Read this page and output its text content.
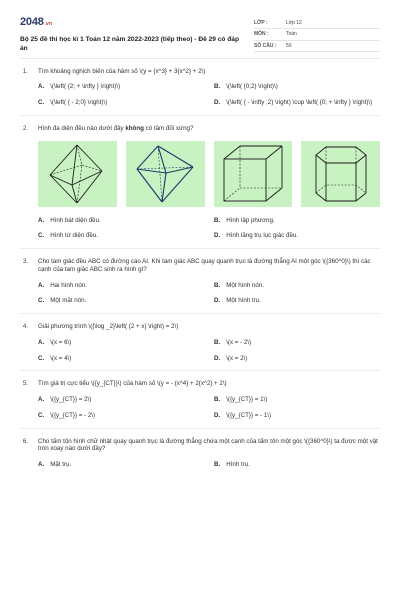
2048 .vn
Bộ 25 đề thi học kì 1 Toán 12 năm 2022-2023 (tiếp theo) - Đề 29 có đáp án
LỚP :	Lớp 12
MÔN :	Toán
SỐ CÂU :	50
1. Tìm khoảng nghịch biến của hàm số \(y = {x^3} + 3{x^2} + 2\)
A. \(\left( {2; + \infty } \right)\)	B. \(\left( {0;2} \right)\)
C. \(\left( { - 2;0} \right)\)	D. \(\left( { - \infty ;2} \right) \cup \left( {0; + \infty } \right)\)
2. Hình đa diện đều nào dưới đây không có tâm đối xứng?
A. Hình bát diện đều.	B. Hình lập phương.
C. Hình tứ diện đều.	D. Hình lăng trụ lục giác đều.
3. Cho tam giác đều ABC có đường cao AI. Khi tam giác ABC quay quanh trục là đường thẳng AI một góc \({360^0}\) thì các cạnh của tam giác ABC sinh ra hình gì?
A. Hai hình nón.	B. Một hình nón.
C. Một mặt nón.	D. Một hình trụ.
4. Giải phương trình \({\log _2}\left( {2 + x} \right) = 2\)
A. \(x = 6\)	B. \(x = - 2\)
C. \(x = 4\)	D. \(x = 2\)
5. Tìm giá trị cực tiểu \({y_{CT}}\) của hàm số \(y = - {x^4} + 2{x^2} + 2\)
A. \({y_{CT}} = 2\)	B. \({y_{CT}} = 1\)
C. \({y_{CT}} = - 2\)	D. \({y_{CT}} = - 1\)
6. Cho tấm tôn hình chữ nhật quay quanh trục là đường thẳng chứa một cạnh của tấm tôn một góc \({360^0}\) ta được một vật tròn xoay nào dưới đây?
A. Mặt trụ.	B. Hình trụ.
